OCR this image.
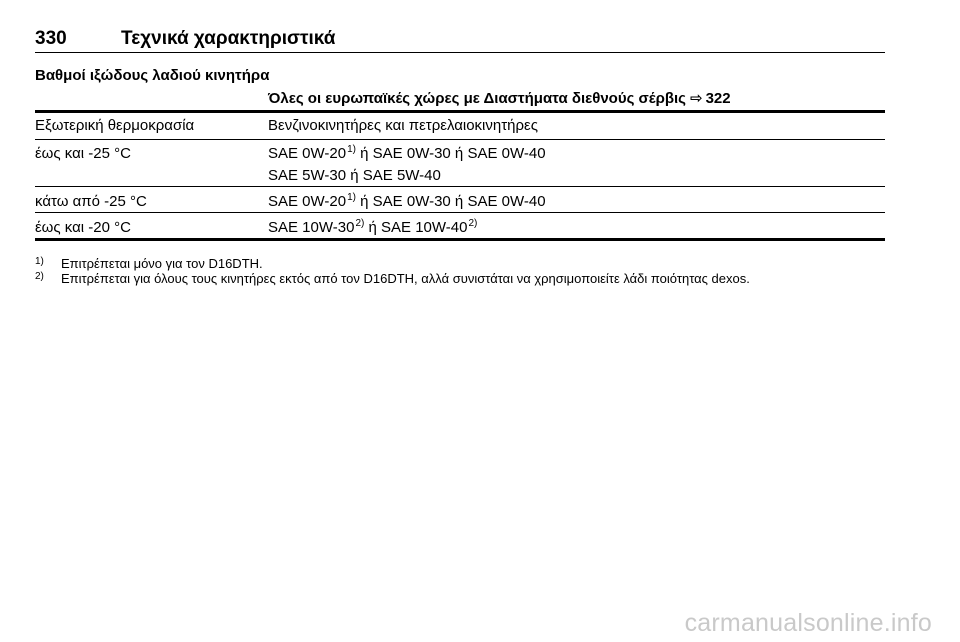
330	Τεχνικά χαρακτηριστικά
Βαθμοί ιξώδους λαδιού κινητήρα
Όλες οι ευρωπαϊκές χώρες με Διαστήματα διεθνούς σέρβις ⇨ 322
Εξωτερική θερμοκρασία	Βενζινοκινητήρες και πετρελαιοκινητήρες
έως και -25 °C	SAE 0W-20$^{1)}$ ή SAE 0W-30 ή SAE 0W-40
SAE 5W-30 ή SAE 5W-40
κάτω από -25 °C	SAE 0W-20$^{1)}$ ή SAE 0W-30 ή SAE 0W-40
έως και -20 °C	SAE 10W-30$^{2)}$ ή SAE 10W-40$^{2)}$
1) Επιτρέπεται μόνο για τον D16DTH.
2) Επιτρέπεται για όλους τους κινητήρες εκτός από τον D16DTH, αλλά συνιστάται να χρησιμοποιείτε λάδι ποιότητας dexos.
carmanualsonline.info
